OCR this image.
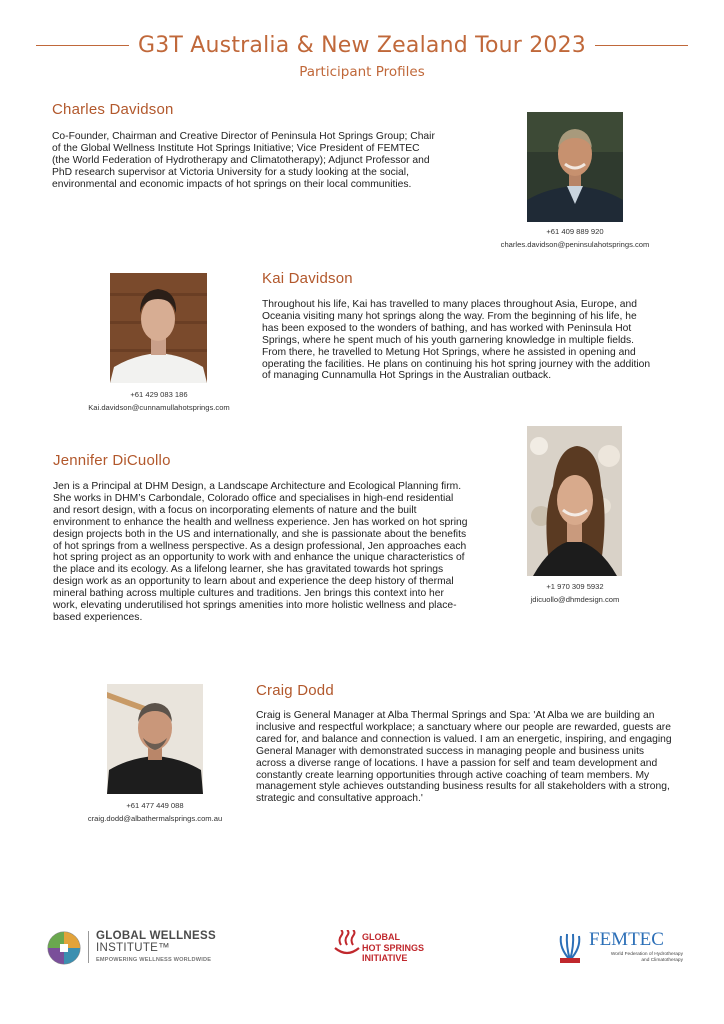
G3T Australia & New Zealand Tour 2023
Participant Profiles
Charles Davidson
Co-Founder, Chairman and Creative Director of Peninsula Hot Springs Group; Chair of the Global Wellness Institute Hot Springs Initiative; Vice President of FEMTEC (the World Federation of Hydrotherapy and Climatotherapy); Adjunct Professor and PhD research supervisor at Victoria University for a study looking at the social, environmental and economic impacts of hot springs on their local communities.
+61 409 889 920
charles.davidson@peninsulahotsprings.com
+61 429 083 186
Kai.davidson@cunnamullahotsprings.com
Kai Davidson
Throughout his life, Kai has travelled to many places throughout Asia, Europe, and Oceania visiting many hot springs along the way. From the beginning of his life, he has been exposed to the wonders of bathing, and has worked with Peninsula Hot Springs, where he spent much of his youth garnering knowledge in multiple fields. From there, he travelled to Metung Hot Springs, where he assisted in opening and operating the facilities. He plans on continuing his hot spring journey with the addition of managing Cunnamulla Hot Springs in the Australian outback.
Jennifer DiCuollo
Jen is a Principal at DHM Design, a Landscape Architecture and Ecological Planning firm. She works in DHM’s Carbondale, Colorado office and specialises in high-end residential and resort design, with a focus on incorporating elements of nature and the built environment to enhance the health and wellness experience. Jen has worked on hot spring design projects both in the US and internationally, and she is passionate about the benefits of hot springs from a wellness perspective. As a design professional, Jen approaches each hot spring project as an opportunity to work with and enhance the unique characteristics of the place and its ecology. As a lifelong learner, she has gravitated towards hot springs design work as an opportunity to learn about and experience the deep history of thermal mineral bathing across multiple cultures and traditions. Jen brings this context into her work, elevating underutilised hot springs amenities into more holistic wellness and place-based experiences.
+1 970 309 5932
jdicuollo@dhmdesign.com
+61 477 449 088
craig.dodd@albathermalsprings.com.au
Craig Dodd
Craig is General Manager at Alba Thermal Springs and Spa: 'At Alba we are building an inclusive and respectful workplace; a sanctuary where our people are rewarded, guests are cared for, and balance and connection is valued. I am an energetic, inspiring, and engaging General Manager with demonstrated success in managing people and business units across a diverse range of locations. I have a passion for self and team development and constantly create learning opportunities through active coaching of team members. My management style achieves outstanding business results for all stakeholders with a strong, strategic and consultative approach.'
GLOBAL WELLNESS
INSTITUTE™
EMPOWERING WELLNESS WORLDWIDE
GLOBAL
HOT SPRINGS
INITIATIVE
FEMTEC
World Federation of Hydrotherapy
and Climatotherapy
